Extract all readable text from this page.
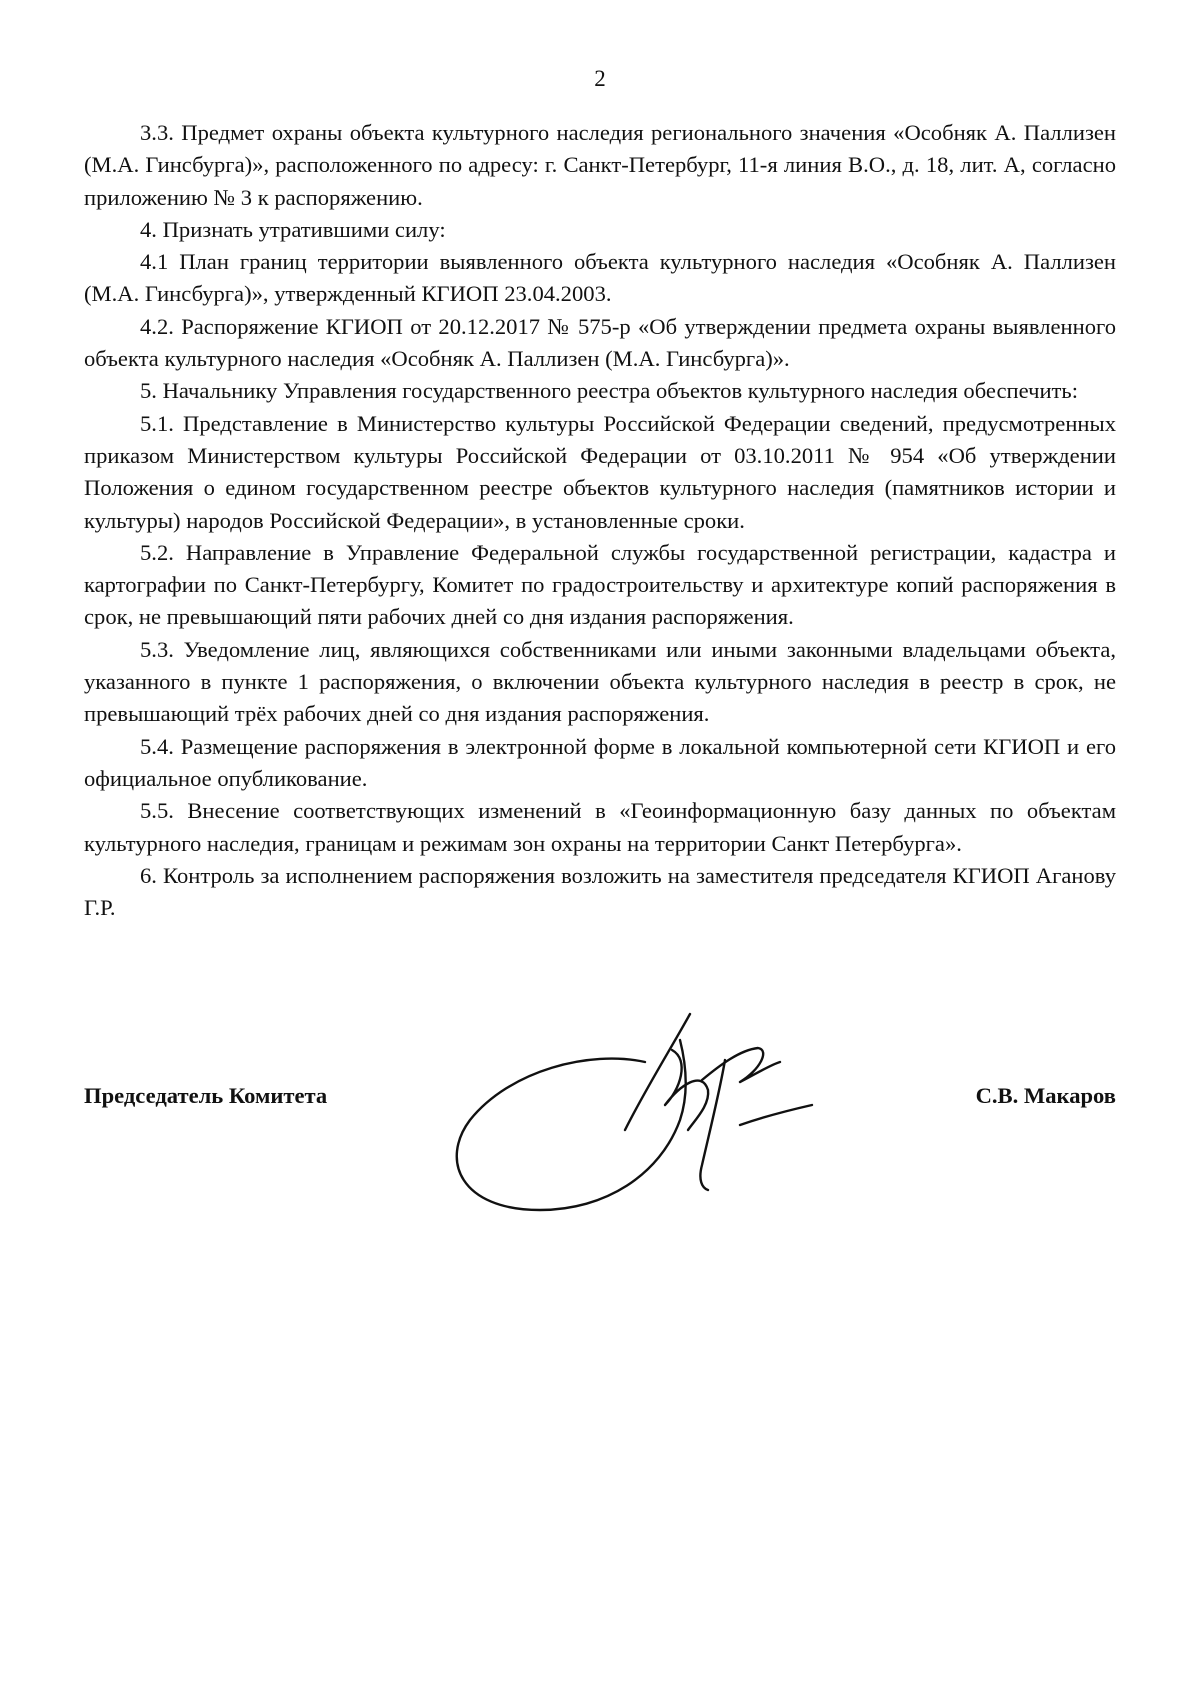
2

3.3. Предмет охраны объекта культурного наследия регионального значения «Особняк А. Паллизен (М.А. Гинсбурга)», расположенного по адресу: г. Санкт-Петербург, 11-я линия В.О., д. 18, лит. А, согласно приложению № 3 к распоряжению.

4. Признать утратившими силу:

4.1 План границ территории выявленного объекта культурного наследия «Особняк А. Паллизен (М.А. Гинсбурга)», утвержденный КГИОП 23.04.2003.

4.2. Распоряжение КГИОП от 20.12.2017 № 575-р «Об утверждении предмета охраны выявленного объекта культурного наследия «Особняк А. Паллизен (М.А. Гинсбурга)».

5. Начальнику Управления государственного реестра объектов культурного наследия обеспечить:

5.1. Представление в Министерство культуры Российской Федерации сведений, предусмотренных приказом Министерством культуры Российской Федерации от 03.10.2011 № 954 «Об утверждении Положения о едином государственном реестре объектов культурного наследия (памятников истории и культуры) народов Российской Федерации», в установленные сроки.

5.2. Направление в Управление Федеральной службы государственной регистрации, кадастра и картографии по Санкт-Петербургу, Комитет по градостроительству и архитектуре копий распоряжения в срок, не превышающий пяти рабочих дней со дня издания распоряжения.

5.3. Уведомление лиц, являющихся собственниками или иными законными владельцами объекта, указанного в пункте 1 распоряжения, о включении объекта культурного наследия в реестр в срок, не превышающий трёх рабочих дней со дня издания распоряжения.

5.4. Размещение распоряжения в электронной форме в локальной компьютерной сети КГИОП и его официальное опубликование.

5.5. Внесение соответствующих изменений в «Геоинформационную базу данных по объектам культурного наследия, границам и режимам зон охраны на территории Санкт Петербурга».

6. Контроль за исполнением распоряжения возложить на заместителя председателя КГИОП Аганову Г.Р.

Председатель Комитета	С.В. Макаров
